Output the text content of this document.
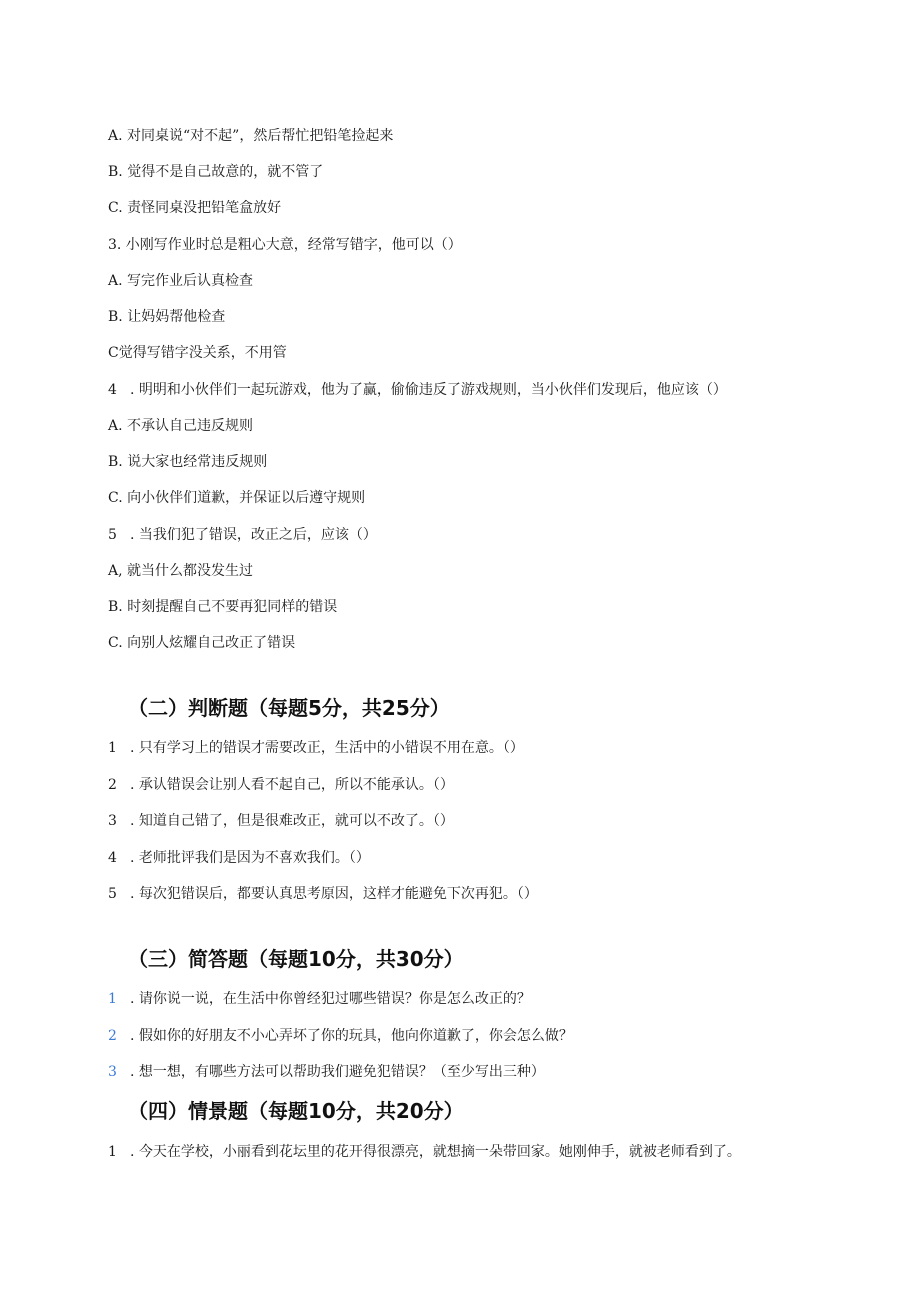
A. 对同桌说“对不起”，然后帮忙把铅笔捡起来
B. 觉得不是自己故意的，就不管了
C. 责怪同桌没把铅笔盒放好
3. 小刚写作业时总是粗心大意，经常写错字，他可以（）
A. 写完作业后认真检查
B. 让妈妈帮他检查
C觉得写错字没关系，不用管
4 . 明明和小伙伴们一起玩游戏，他为了赢，偷偷违反了游戏规则，当小伙伴们发现后，他应该（）
A. 不承认自己违反规则
B. 说大家也经常违反规则
C. 向小伙伴们道歉，并保证以后遵守规则
5 . 当我们犯了错误，改正之后，应该（）
A, 就当什么都没发生过
B. 时刻提醒自己不要再犯同样的错误
C. 向别人炫耀自己改正了错误
（二）判断题（每题5分，共25分）
1 . 只有学习上的错误才需要改正，生活中的小错误不用在意。（）
2 . 承认错误会让别人看不起自己，所以不能承认。（）
3 . 知道自己错了，但是很难改正，就可以不改了。（）
4 . 老师批评我们是因为不喜欢我们。（）
5 . 每次犯错误后，都要认真思考原因，这样才能避免下次再犯。（）
（三）简答题（每题10分，共30分）
1 . 请你说一说，在生活中你曾经犯过哪些错误？你是怎么改正的？
2 . 假如你的好朋友不小心弄坏了你的玩具，他向你道歉了，你会怎么做？
3 . 想一想，有哪些方法可以帮助我们避免犯错误？（至少写出三种）
（四）情景题（每题10分，共20分）
1 . 今天在学校，小丽看到花坛里的花开得很漂亮，就想摘一朵带回家。她刚伸手，就被老师看到了。
